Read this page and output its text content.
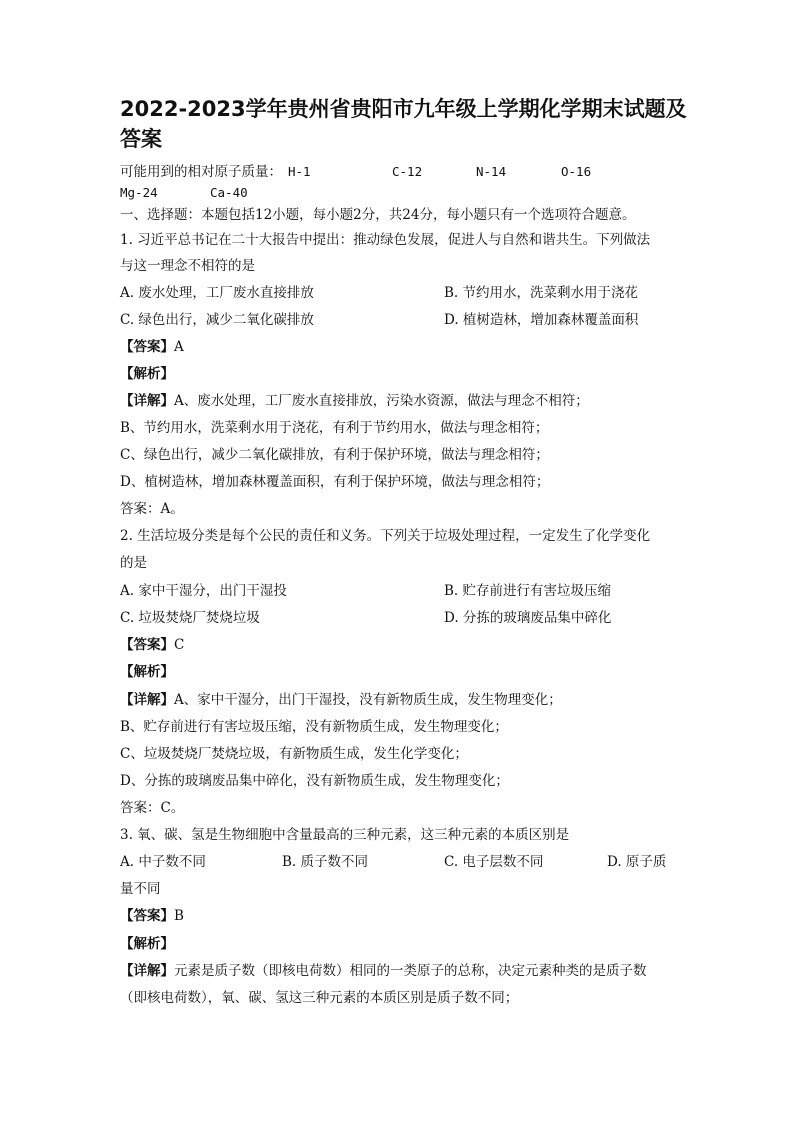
2022-2023学年贵州省贵阳市九年级上学期化学期末试题及
答案
可能用到的相对原子质量： H-1	C-12	N-14	O-16
Mg-24	Ca-40
一、选择题：本题包括12小题，每小题2分，共24分，每小题只有一个选项符合题意。
1. 习近平总书记在二十大报告中提出：推动绿色发展，促进人与自然和谐共生。下列做法
与这一理念不相符的是
A. 废水处理，工厂废水直接排放	B. 节约用水，洗菜剩水用于浇花
C. 绿色出行，减少二氧化碳排放	D. 植树造林，增加森林覆盖面积
【答案】A
【解析】
【详解】A、废水处理，工厂废水直接排放，污染水资源，做法与理念不相符；
B、节约用水，洗菜剩水用于浇花，有利于节约用水，做法与理念相符；
C、绿色出行，减少二氧化碳排放，有利于保护环境，做法与理念相符；
D、植树造林，增加森林覆盖面积，有利于保护环境，做法与理念相符；
答案：A。
2. 生活垃圾分类是每个公民的责任和义务。下列关于垃圾处理过程，一定发生了化学变化
的是
A. 家中干湿分，出门干湿投	B. 贮存前进行有害垃圾压缩
C. 垃圾焚烧厂焚烧垃圾	D. 分拣的玻璃废品集中碎化
【答案】C
【解析】
【详解】A、家中干湿分，出门干湿投，没有新物质生成，发生物理变化；
B、贮存前进行有害垃圾压缩，没有新物质生成，发生物理变化；
C、垃圾焚烧厂焚烧垃圾，有新物质生成，发生化学变化；
D、分拣的玻璃废品集中碎化，没有新物质生成，发生物理变化；
答案：C。
3. 氧、碳、氢是生物细胞中含量最高的三种元素，这三种元素的本质区别是
A. 中子数不同	B. 质子数不同	C. 电子层数不同	D. 原子质
量不同
【答案】B
【解析】
【详解】元素是质子数（即核电荷数）相同的一类原子的总称，决定元素种类的是质子数
（即核电荷数），氧、碳、氢这三种元素的本质区别是质子数不同；
